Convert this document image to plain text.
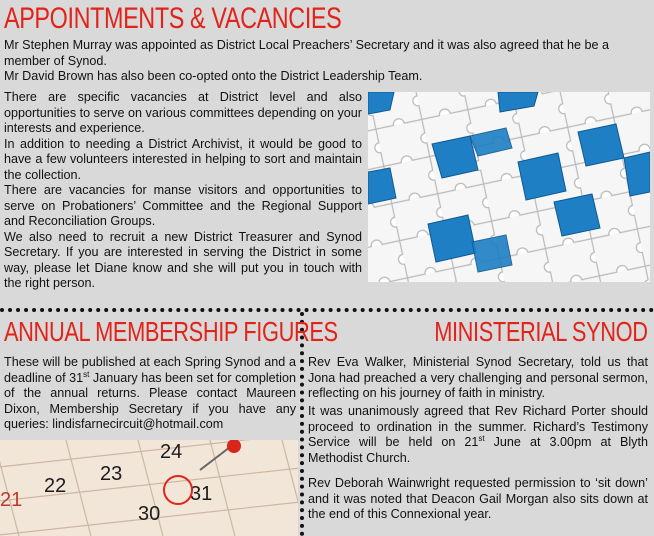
APPOINTMENTS & VACANCIES

Mr Stephen Murray was appointed as District Local Preachers’ Secretary and it was also agreed that he be a member of Synod.
Mr David Brown has also been co-opted onto the District Leadership Team.

There are specific vacancies at District level and also opportunities to serve on various committees depending on your interests and experience.
In addition to needing a District Archivist, it would be good to have a few volunteers interested in helping to sort and maintain the collection.
There are vacancies for manse visitors and opportunities to serve on Probationers’ Committee and the Regional Support and Reconciliation Groups.
We also need to recruit a new District Treasurer and Synod Secretary. If you are interested in serving the District in some way, please let Diane know and she will put you in touch with the right person.

ANNUAL MEMBERSHIP FIGURES	MINISTERIAL SYNOD

These will be published at each Spring Synod and a deadline of 31st January has been set for completion of the annual returns. Please contact Maureen Dixon, Membership Secretary if you have any queries: lindisfarnecircuit@hotmail.com

24
23
22	31
30
21

Rev Eva Walker, Ministerial Synod Secretary, told us that Jona had preached a very challenging and personal sermon, reflecting on his journey of faith in ministry.

It was unanimously agreed that Rev Richard Porter should proceed to ordination in the summer. Richard’s Testimony Service will be held on 21st June at 3.00pm at Blyth Methodist Church.

Rev Deborah Wainwright requested permission to ‘sit down’ and it was noted that Deacon Gail Morgan also sits down at the end of this Connexional year.
